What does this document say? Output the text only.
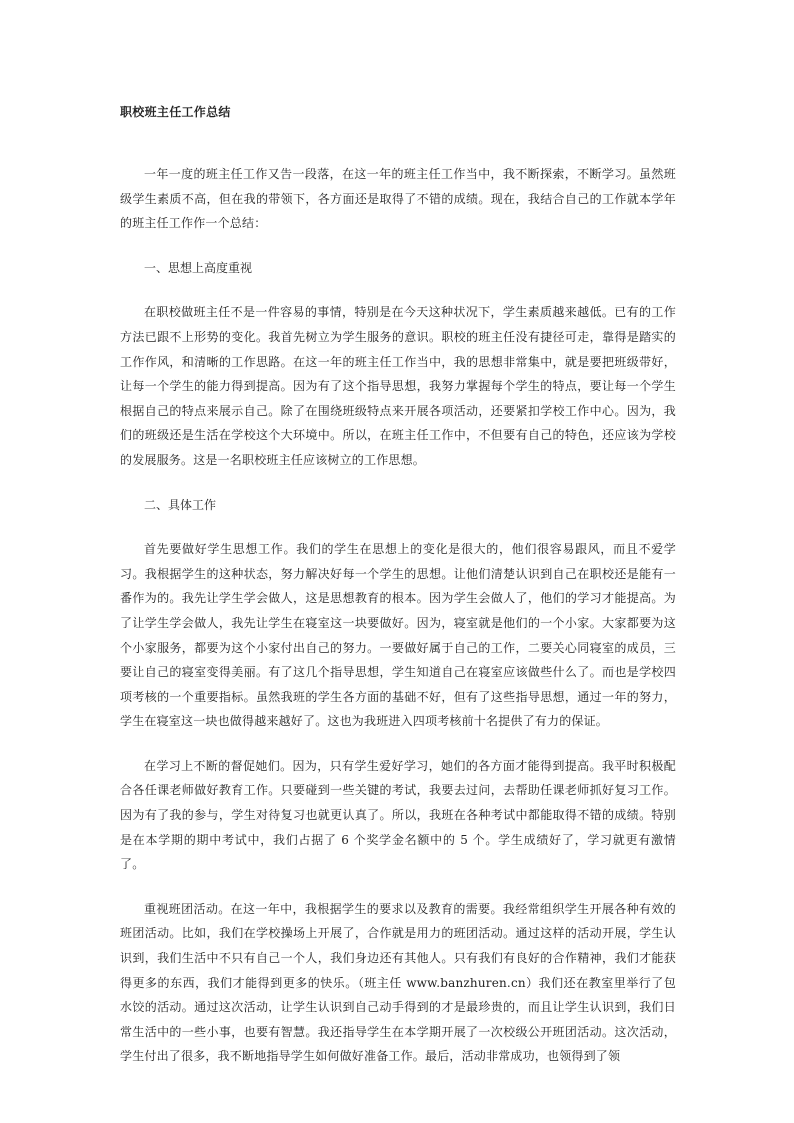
职校班主任工作总结

一年一度的班主任工作又告一段落，在这一年的班主任工作当中，我不断探索，不断学习。虽然班级学生素质不高，但在我的带领下，各方面还是取得了不错的成绩。现在，我结合自己的工作就本学年的班主任工作作一个总结：

一、思想上高度重视

在职校做班主任不是一件容易的事情，特别是在今天这种状况下，学生素质越来越低。已有的工作方法已跟不上形势的变化。我首先树立为学生服务的意识。职校的班主任没有捷径可走，靠得是踏实的工作作风，和清晰的工作思路。在这一年的班主任工作当中，我的思想非常集中，就是要把班级带好，让每一个学生的能力得到提高。因为有了这个指导思想，我努力掌握每个学生的特点，要让每一个学生根据自己的特点来展示自己。除了在围绕班级特点来开展各项活动，还要紧扣学校工作中心。因为，我们的班级还是生活在学校这个大环境中。所以，在班主任工作中，不但要有自己的特色，还应该为学校的发展服务。这是一名职校班主任应该树立的工作思想。

二、具体工作

首先要做好学生思想工作。我们的学生在思想上的变化是很大的，他们很容易跟风，而且不爱学习。我根据学生的这种状态，努力解决好每一个学生的思想。让他们清楚认识到自己在职校还是能有一番作为的。我先让学生学会做人，这是思想教育的根本。因为学生会做人了，他们的学习才能提高。为了让学生学会做人，我先让学生在寝室这一块要做好。因为，寝室就是他们的一个小家。大家都要为这个小家服务，都要为这个小家付出自己的努力。一要做好属于自己的工作，二要关心同寝室的成员，三要让自己的寝室变得美丽。有了这几个指导思想，学生知道自己在寝室应该做些什么了。而也是学校四项考核的一个重要指标。虽然我班的学生各方面的基础不好，但有了这些指导思想，通过一年的努力，学生在寝室这一块也做得越来越好了。这也为我班进入四项考核前十名提供了有力的保证。

在学习上不断的督促她们。因为，只有学生爱好学习，她们的各方面才能得到提高。我平时积极配合各任课老师做好教育工作。只要碰到一些关键的考试，我要去过问，去帮助任课老师抓好复习工作。因为有了我的参与，学生对待复习也就更认真了。所以，我班在各种考试中都能取得不错的成绩。特别是在本学期的期中考试中，我们占据了 6 个奖学金名额中的 5 个。学生成绩好了，学习就更有激情了。

重视班团活动。在这一年中，我根据学生的要求以及教育的需要。我经常组织学生开展各种有效的班团活动。比如，我们在学校操场上开展了，合作就是用力的班团活动。通过这样的活动开展，学生认识到，我们生活中不只有自己一个人，我们身边还有其他人。只有我们有良好的合作精神，我们才能获得更多的东西，我们才能得到更多的快乐。（班主任 www.banzhuren.cn）我们还在教室里举行了包水饺的活动。通过这次活动，让学生认识到自己动手得到的才是最珍贵的，而且让学生认识到，我们日常生活中的一些小事，也要有智慧。我还指导学生在本学期开展了一次校级公开班团活动。这次活动，学生付出了很多，我不断地指导学生如何做好准备工作。最后，活动非常成功，也领得到了领
